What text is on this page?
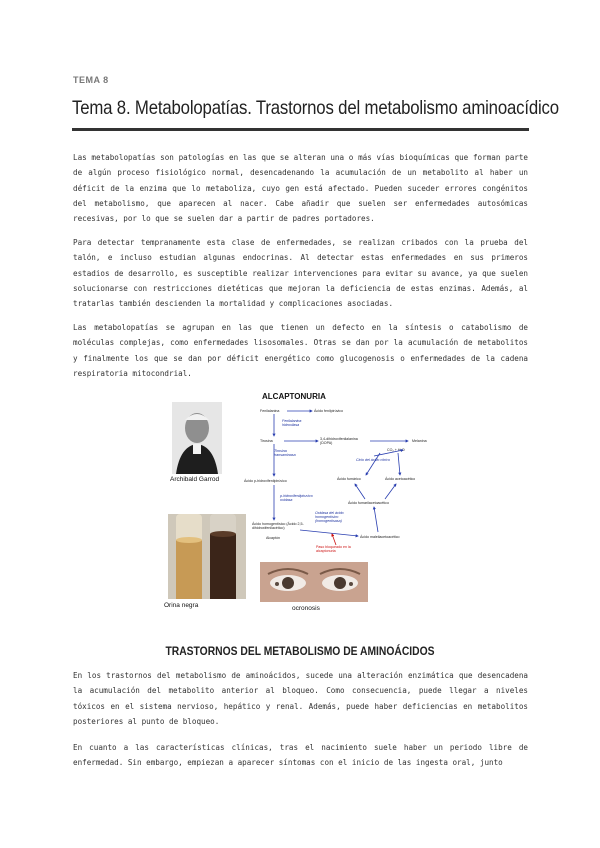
TEMA 8
Tema 8. Metabolopatías. Trastornos del metabolismo aminoacídico

Las metabolopatías son patologías en las que se alteran una o más vías bioquímicas que forman parte de algún proceso fisiológico normal, desencadenando la acumulación de un metabolito al haber un déficit de la enzima que lo metaboliza, cuyo gen está afectado. Pueden suceder errores congénitos del metabolismo, que aparecen al nacer. Cabe añadir que suelen ser enfermedades autosómicas recesivas, por lo que se suelen dar a partir de padres portadores.

Para detectar tempranamente esta clase de enfermedades, se realizan cribados con la prueba del talón, e incluso estudian algunas endocrinas. Al detectar estas enfermedades en sus primeros estadios de desarrollo, es susceptible realizar intervenciones para evitar su avance, ya que suelen solucionarse con restricciones dietéticas que mejoran la deficiencia de estas enzimas. Además, al tratarlas también descienden la mortalidad y complicaciones asociadas.

Las metabolopatías se agrupan en las que tienen un defecto en la síntesis o catabolismo de moléculas complejas, como enfermedades lisosomales. Otras se dan por la acumulación de metabolitos y finalmente los que se dan por déficit energético como glucogenosis o enfermedades de la cadena respiratoria mitocondrial.

ALCAPTONURIA
Archibald Garrod
Fenilalanina	Ácido fenilpirúvico
Fenilalanina hidroxilasa
Tirosina	3,4-dihidroxifenilalanina (DOPA)	Melanina
Tirosina transaminasa
CO₂ + H₂O
Ciclo del ácido cítrico
Ácido p-hidroxifenilpirúvico	Ácido fumárico	Ácido acetoacético
p-hidroxifenilpiruvico oxidasa
Ácido fumarilacetoacético
Oxidasa del ácido homogentísico (homogentisasa)
Ácido homogentísico (Ácido 2,5-dihidroxifenilacético)
Alcaptón	Ácido maleilacetoacético
Paso bloqueado en la alcaptonuria
Orina negra	ocronosis
TRASTORNOS DEL METABOLISMO DE AMINOÁCIDOS

En los trastornos del metabolismo de aminoácidos, sucede una alteración enzimática que desencadena la acumulación del metabolito anterior al bloqueo. Como consecuencia, puede llegar a niveles tóxicos en el sistema nervioso, hepático y renal. Además, puede haber deficiencias en metabolitos posteriores al punto de bloqueo.

En cuanto a las características clínicas, tras el nacimiento suele haber un periodo libre de enfermedad. Sin embargo, empiezan a aparecer síntomas con el inicio de las ingesta oral, junto
